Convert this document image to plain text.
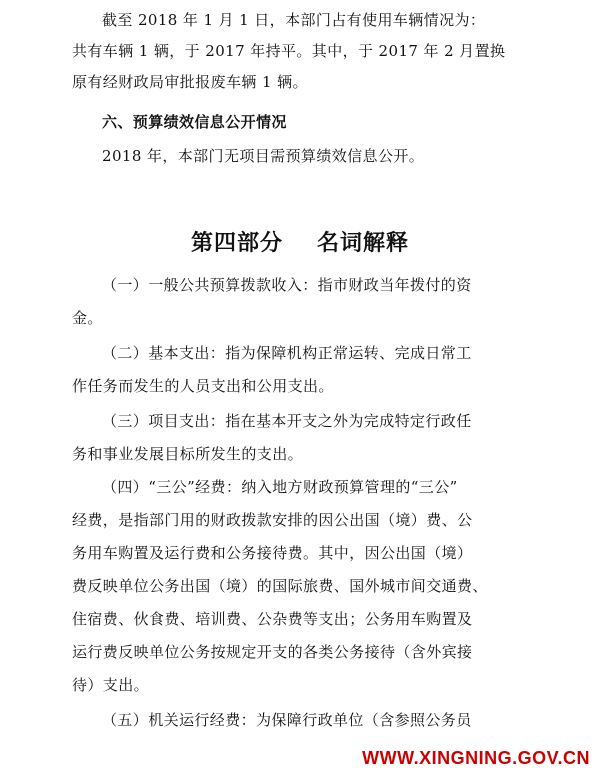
截至 2018 年 1 月 1 日，本部门占有使用车辆情况为：
共有车辆 1 辆，于 2017 年持平。其中，于 2017 年 2 月置换
原有经财政局审批报废车辆 1 辆。
六、预算绩效信息公开情况
2018 年，本部门无项目需预算绩效信息公开。
第四部分 名词解释
（一）一般公共预算拨款收入：指市财政当年拨付的资
金。
（二）基本支出：指为保障机构正常运转、完成日常工
作任务而发生的人员支出和公用支出。
（三）项目支出：指在基本开支之外为完成特定行政任
务和事业发展目标所发生的支出。
（四）“三公”经费：纳入地方财政预算管理的“三公”
经费，是指部门用的财政拨款安排的因公出国（境）费、公
务用车购置及运行费和公务接待费。其中，因公出国（境）
费反映单位公务出国（境）的国际旅费、国外城市间交通费、
住宿费、伙食费、培训费、公杂费等支出；公务用车购置及
运行费反映单位公务按规定开支的各类公务接待（含外宾接
待）支出。
（五）机关运行经费：为保障行政单位（含参照公务员
WWW.XINGNING.GOV.CN
